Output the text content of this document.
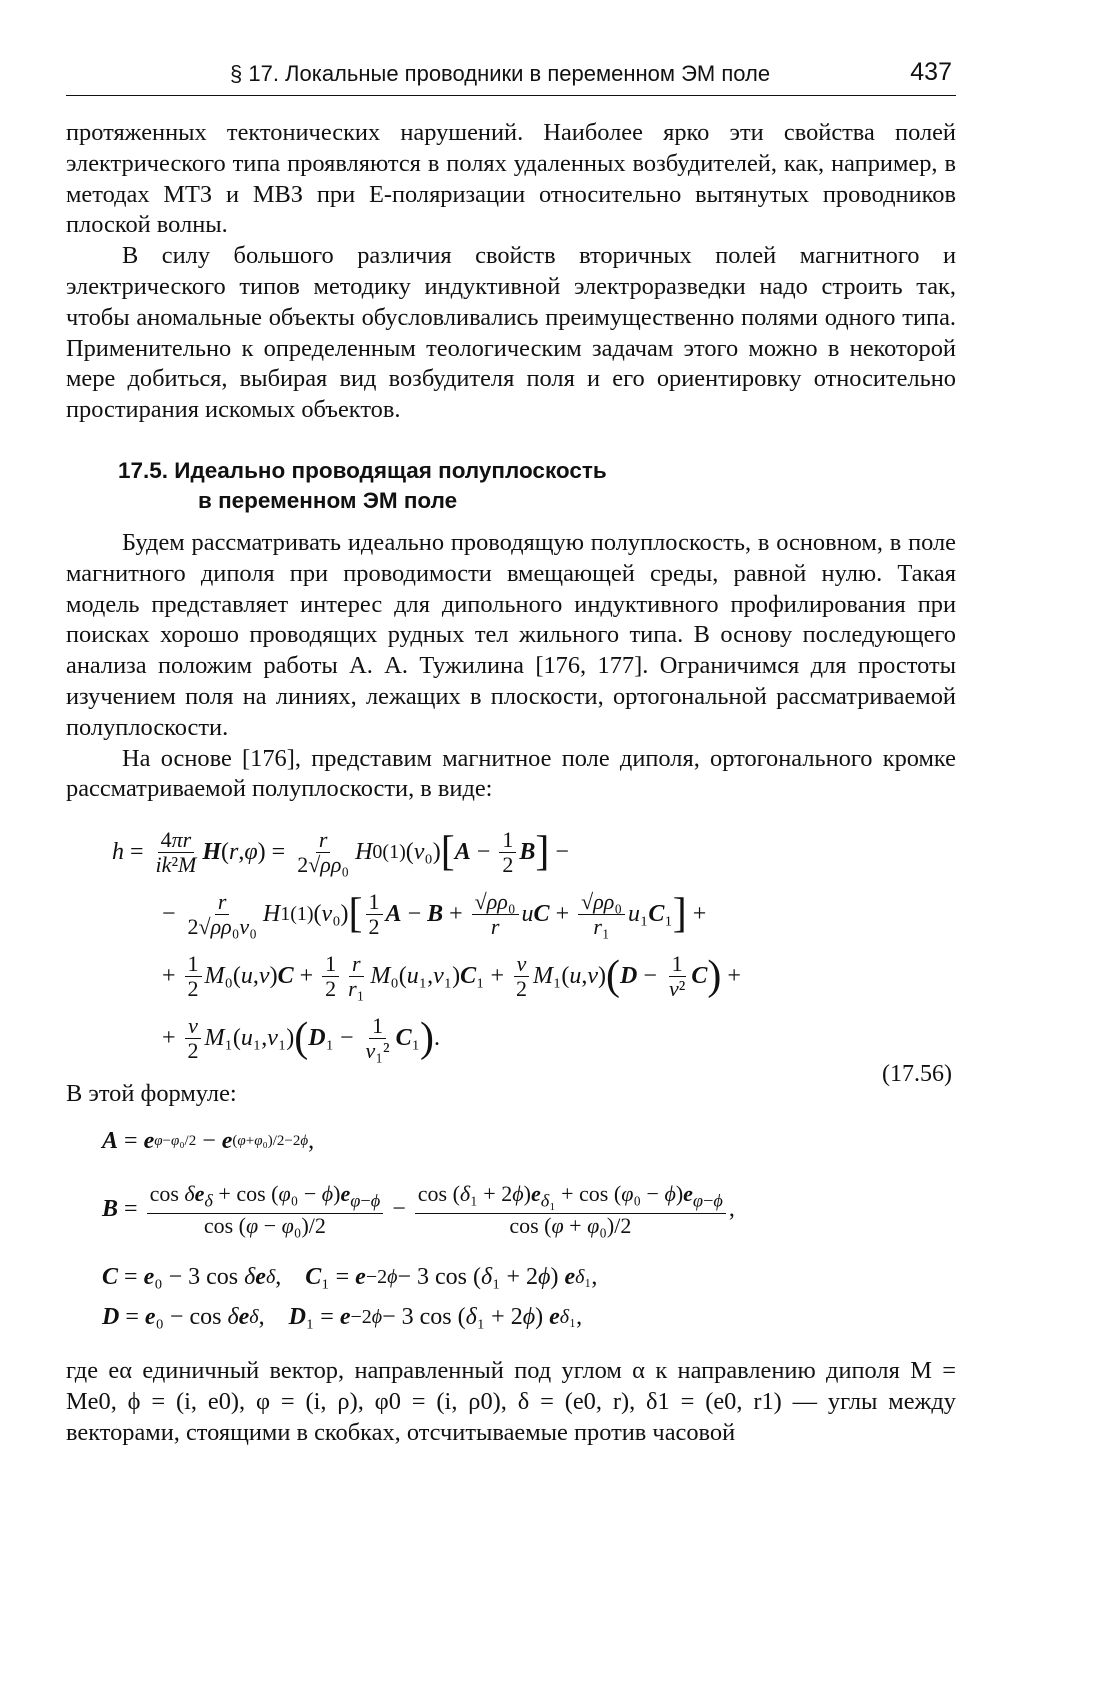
§ 17. Локальные проводники в переменном ЭМ поле	437

протяженных тектонических нарушений. Наиболее ярко эти свойства полей электрического типа проявляются в полях удаленных возбудителей, как, например, в методах МТЗ и МВЗ при E-поляризации относительно вытянутых проводников плоской волны.

В силу большого различия свойств вторичных полей магнитного и электрического типов методику индуктивной электроразведки надо строить так, чтобы аномальные объекты обусловливались преимущественно полями одного типа. Применительно к определенным теологическим задачам этого можно в некоторой мере добиться, выбирая вид возбудителя поля и его ориентировку относительно простирания искомых объектов.

17.5. Идеально проводящая полуплоскость
в переменном ЭМ поле

Будем рассматривать идеально проводящую полуплоскость, в основном, в поле магнитного диполя при проводимости вмещающей среды, равной нулю. Такая модель представляет интерес для дипольного индуктивного профилирования при поисках хорошо проводящих рудных тел жильного типа. В основу последующего анализа положим работы А. А. Тужилина [176, 177]. Ограничимся для простоты изучением поля на линиях, лежащих в плоскости, ортогональной рассматриваемой полуплоскости.

На основе [176], представим магнитное поле диполя, ортогонального кромке рассматриваемой полуплоскости, в виде:

$h = \frac{4\pi r}{\text{ik²M}}$ H ( r , φ ) = $\frac{r}{\text{2√ρρ₀}}$ H 0 (1) ( v ₀) [ $A - \frac{1}{2}$ B ] −
− $\frac{r}{\text{2√ρρ₀v₀}}$ H 1 (1) ( v ₀) [ $\frac{1}{2}$ $A - B + \frac{\text{√ρρ₀}}{r}$ u $C + \frac{\text{√ρρ₀}}{\text{r₁}}$ u ₁ C ₁ ] +
+ $\frac{1}{2}$ M ₀( u , v ) $C + \frac{1}{2} \frac{r}{\text{r₁}}$ M ₀( u ₁, v ₁) C $_1 + \frac{v}{2}$ M ₁( u , v ) ( $D - \frac{1}{\text{v²}}$ C ) +
+ $\frac{v}{2}$ M ₁( u ₁, v ₁) ( D $_1 - \frac{1}{\text{v₁²}}$ C ₁ ) .
(17.56)

В этой формуле:

A = e φ−φ₀/2 − e (φ+φ₀)/2−2ϕ ,
$B = \frac{\cos \delta e_\delta + \cos (\varphi_0 - \phi)e_{\varphi-\phi}}{\text{cos (φ − φ₀)/2}} - \frac{\cos (\delta_1 + 2\phi)e_{\delta_1} + \cos (\varphi_0 - \phi)e_{\varphi-\phi}}{\text{cos (φ + φ₀)/2}}$ ,
C = e ₀ − 3 cos δ e δ , C ₁ = e −2ϕ − 3 cos ( δ ₁ + 2 ϕ ) e δ₁ ,
D = e ₀ − cos δ e δ , D ₁ = e −2ϕ − 3 cos ( δ ₁ + 2 ϕ ) e δ₁ ,

где eα единичный вектор, направленный под углом α к направлению диполя M = Me0, ϕ = (i, e0), φ = (i, ρ), φ0 = (i, ρ0), δ = (e0, r), δ1 = (e0, r1) — углы между векторами, стоящими в скобках, отсчитываемые против часовой
